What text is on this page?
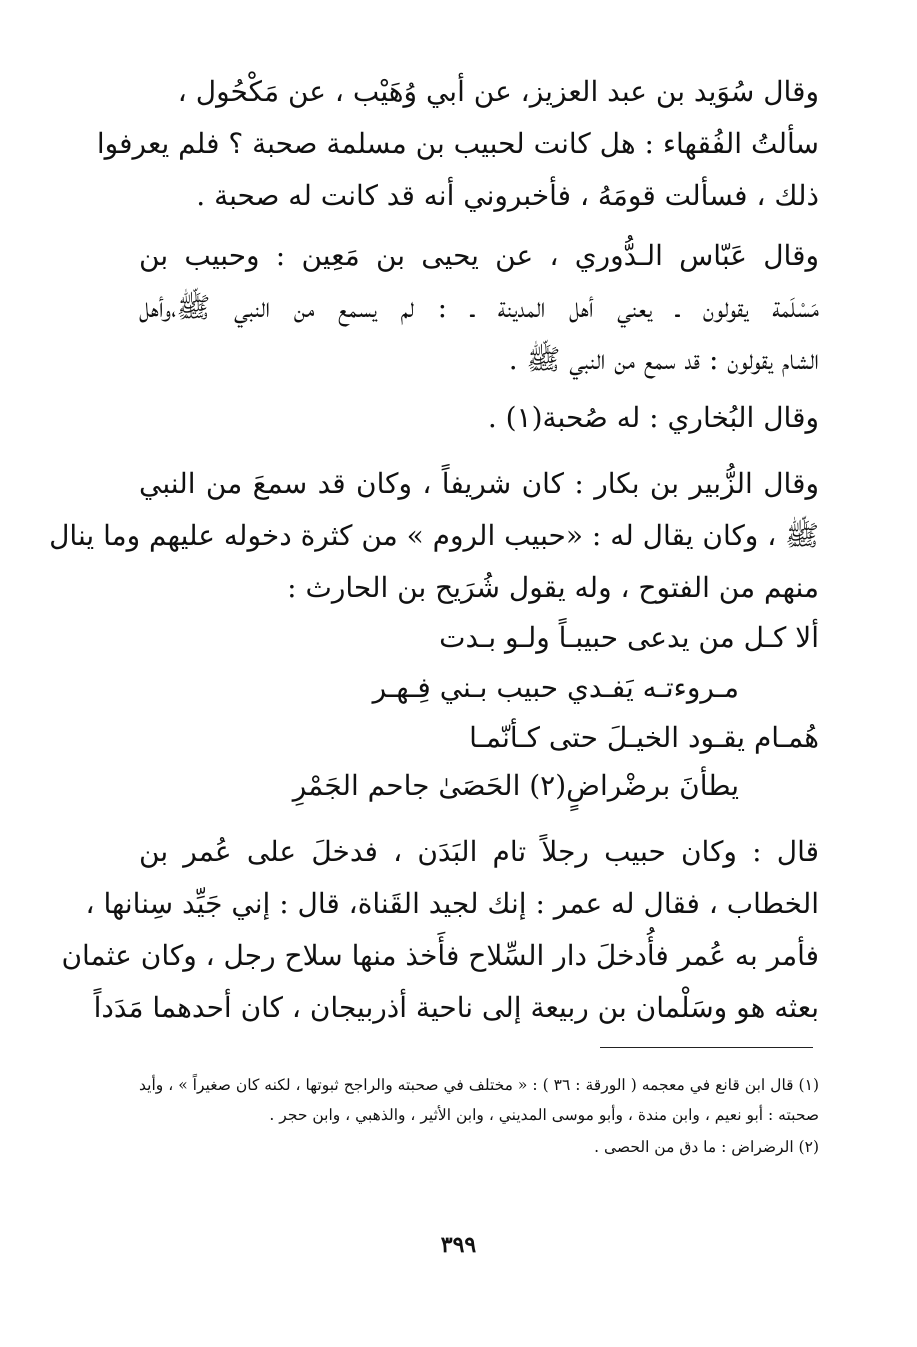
وقال سُوَيد بن عبد العزيز، عن أبي وُهَيْب ، عن مَكْحُول ،
سألتُ الفُقهاء : هل كانت لحبيب بن مسلمة صحبة ؟ فلم يعرفوا
ذلك ، فسألت قومَهُ ، فأخبروني أنه قد كانت له صحبة .
وقال عَبّاس الـدُّوري ، عن يحيى بن مَعِين : وحبيب بن
مَسْلَمة يقولون ـ يعني أهل المدينة ـ : لم يسمع من النبي ﷺ،وأهل
الشام يقولون : قد سمع من النبي ﷺ .
وقال البُخاري : له صُحبة(١) .
وقال الزُّبير بن بكار : كان شريفاً ، وكان قد سمعَ من النبي
ﷺ ، وكان يقال له : «حبيب الروم » من كثرة دخوله عليهم وما ينال
منهم من الفتوح ، وله يقول شُرَيح بن الحارث :
ألا كـل من يدعى حبيبـاً ولـو بـدت
مـروءتـه يَفـدي حبيب بـني فِـهـر
هُمـام يقـود الخيـلَ حتى كـأنّمـا
يطأنَ برضْراضٍ(٢) الحَصَىٰ جاحم الجَمْرِ
قال : وكان حبيب رجلاً تام البَدَن ، فدخلَ على عُمر بن
الخطاب ، فقال له عمر : إنك لجيد القَناة، قال : إني جَيِّد سِنانها ،
فأمر به عُمر فأُدخلَ دار السِّلاح فأَخذ منها سلاح رجل ، وكان عثمان
بعثه هو وسَلْمان بن ربيعة إلى ناحية أذربيجان ، كان أحدهما مَدَداً

(١) قال ابن قانع في معجمه ( الورقة : ٣٦ ) : « مختلف في صحبته والراجح ثبوتها ، لكنه كان صغيراً » ، وأيد صحبته : أبو نعيم ، وابن مندة ، وأبو موسى المديني ، وابن الأثير ، والذهبي ، وابن حجر .

(٢) الرضراض : ما دق من الحصى .

٣٩٩
